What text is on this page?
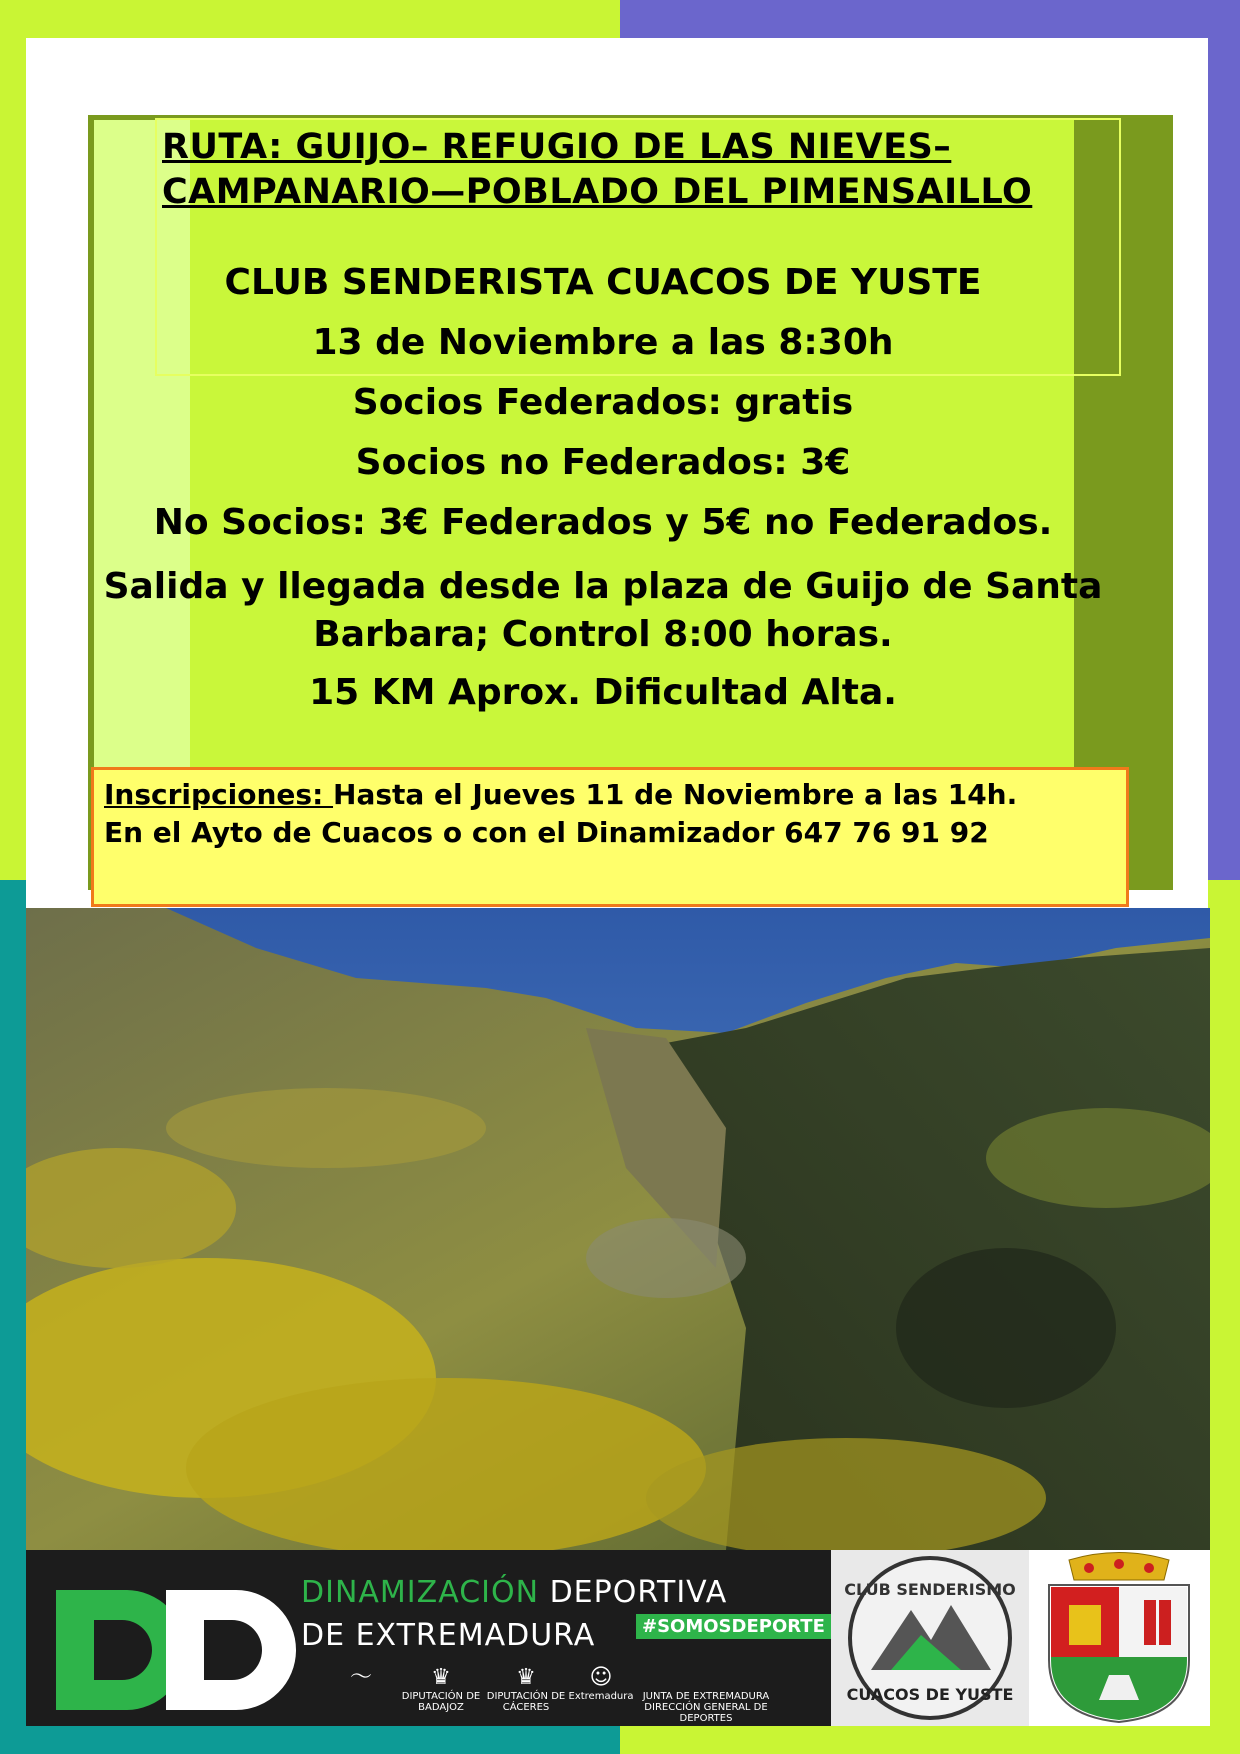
RUTA: GUIJO– REFUGIO DE LAS NIEVES–
CAMPANARIO—POBLADO DEL PIMENSAILLO
CLUB SENDERISTA CUACOS DE YUSTE
13 de Noviembre a las 8:30h
Socios Federados: gratis
Socios no Federados: 3€
No Socios: 3€ Federados y 5€ no Federados.
Salida y llegada desde la plaza de Guijo de Santa
Barbara; Control 8:00 horas.
15 KM Aprox. Dificultad Alta.
Inscripciones: Hasta el Jueves 11 de Noviembre a las 14h.
En el Ayto de Cuacos o con el Dinamizador 647 76 91 92
DINAMIZACIÓN DEPORTIVA
DE EXTREMADURA	#SOMOSDEPORTE
〜	♛
DIPUTACIÓN DE BADAJOZ
♛
DIPUTACIÓN DE CÁCERES
☺
Extremadura
JUNTA DE EXTREMADURA DIRECCIÓN GENERAL DE DEPORTES
CLUB SENDERISMO
CUACOS DE YUSTE
